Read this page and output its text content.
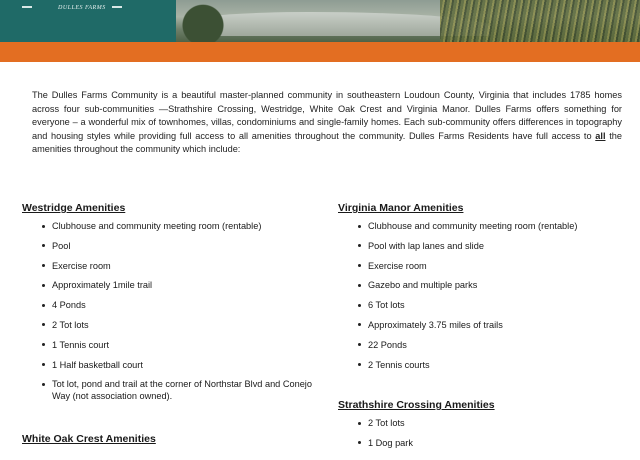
DULLES FARMS

The Dulles Farms Community is a beautiful master-planned community in southeastern Loudoun County, Virginia that includes 1785 homes across four sub-communities —Strathshire Crossing, Westridge, White Oak Crest and Virginia Manor. Dulles Farms offers something for everyone – a wonderful mix of townhomes, villas, condominiums and single-family homes. Each sub-community offers differences in topography and housing styles while providing full access to all amenities throughout the community. Dulles Farms Residents have full access to all the amenities throughout the community which include:

Westridge Amenities
Clubhouse and community meeting room (rentable)
Pool
Exercise room
Approximately 1mile trail
4 Ponds
2 Tot lots
1 Tennis court
1 Half basketball court
Tot lot, pond and trail at the corner of Northstar Blvd and Conejo Way (not association owned).
Virginia Manor Amenities
Clubhouse and community meeting room (rentable)
Pool with lap lanes and slide
Exercise room
Gazebo and multiple parks
6 Tot lots
Approximately 3.75 miles of trails
22 Ponds
2 Tennis courts
Strathshire Crossing Amenities
2 Tot lots
1 Dog park
White Oak Crest Amenities
